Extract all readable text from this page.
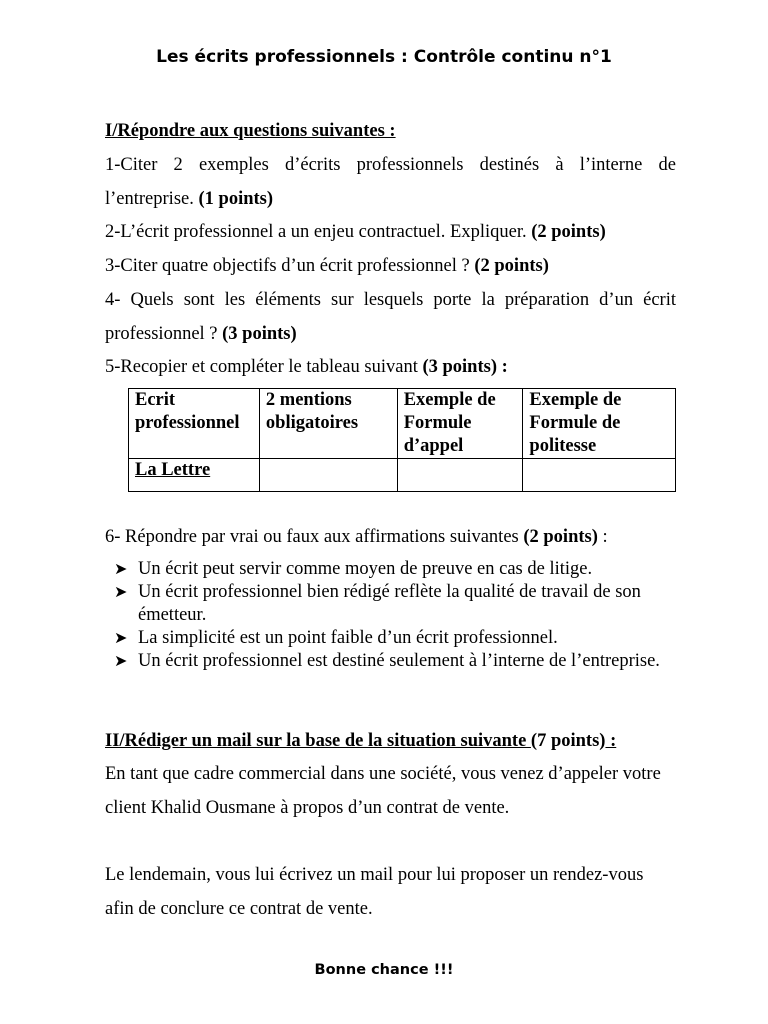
Les écrits professionnels : Contrôle continu n°1

I/Répondre aux questions suivantes :

1-Citer 2 exemples d’écrits professionnels destinés à l’interne de l’entreprise. (1 points)

2-L’écrit professionnel a un enjeu contractuel. Expliquer. (2 points)

3-Citer quatre objectifs d’un écrit professionnel ? (2 points)

4- Quels sont les éléments sur lesquels porte la préparation d’un écrit professionnel ? (3 points)

5-Recopier et compléter le tableau suivant (3 points) :

Ecrit professionnel	2 mentions obligatoires	Exemple de Formule d’appel	Exemple de Formule de politesse
La Lettre			

6- Répondre par vrai ou faux aux affirmations suivantes (2 points) :

➤ Un écrit peut servir comme moyen de preuve en cas de litige.
➤ Un écrit professionnel bien rédigé reflète la qualité de travail de son émetteur.
➤ La simplicité est un point faible d’un écrit professionnel.
➤ Un écrit professionnel est destiné seulement à l’interne de l’entreprise.

II/Rédiger un mail sur la base de la situation suivante (7 points) :

En tant que cadre commercial dans une société, vous venez d’appeler votre client Khalid Ousmane à propos d’un contrat de vente.

Le lendemain, vous lui écrivez un mail pour lui proposer un rendez-vous afin de conclure ce contrat de vente.

Bonne chance !!!
